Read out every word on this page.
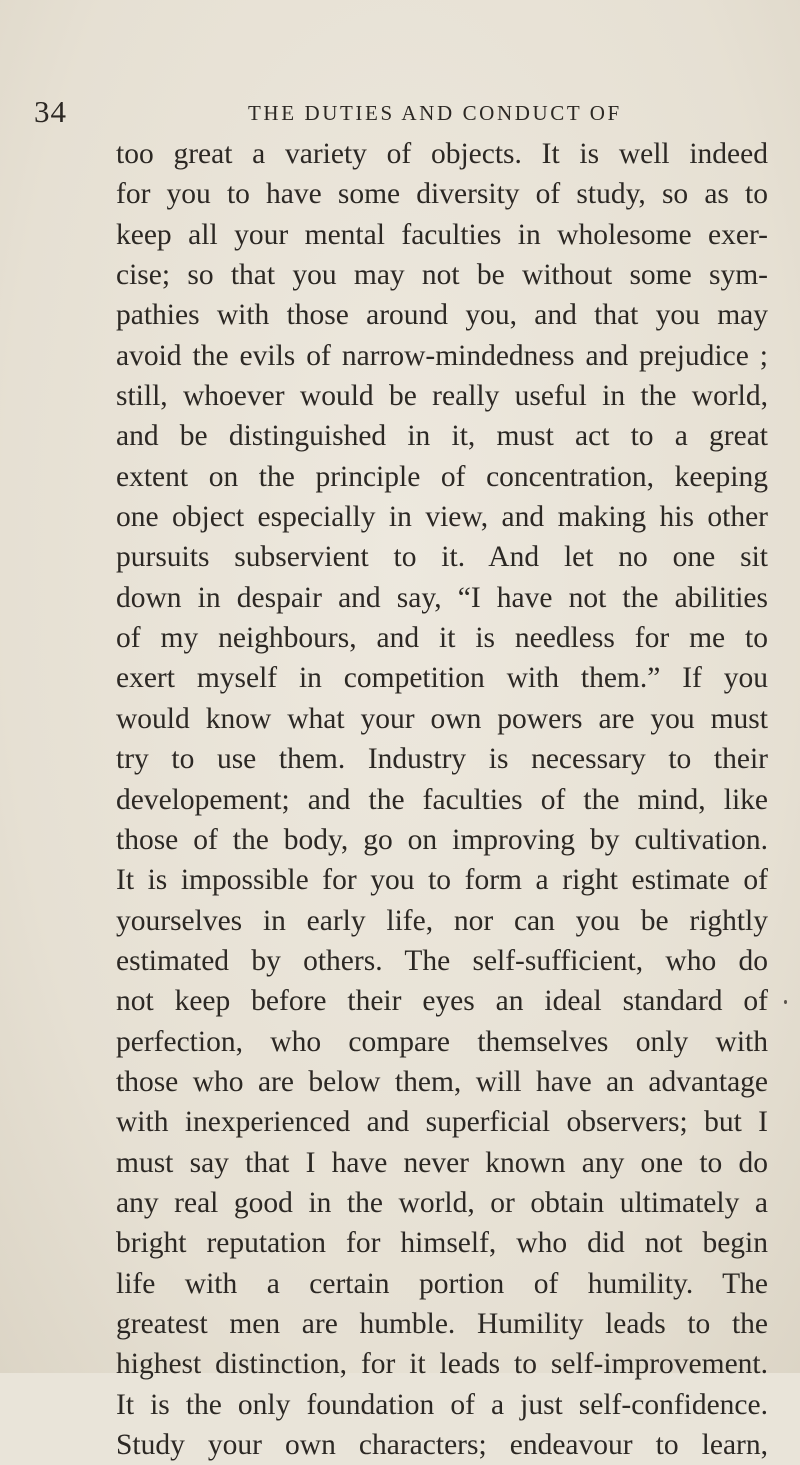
34	THE DUTIES AND CONDUCT OF
too great a variety of objects. It is well indeed
for you to have some diversity of study, so as to
keep all your mental faculties in wholesome exer-
cise; so that you may not be without some sym-
pathies with those around you, and that you may
avoid the evils of narrow-mindedness and prejudice ;
still, whoever would be really useful in the world,
and be distinguished in it, must act to a great
extent on the principle of concentration, keeping
one object especially in view, and making his other
pursuits subservient to it. And let no one sit
down in despair and say, “I have not the abilities
of my neighbours, and it is needless for me to
exert myself in competition with them.” If you
would know what your own powers are you must
try to use them. Industry is necessary to their
developement; and the faculties of the mind, like
those of the body, go on improving by cultivation.
It is impossible for you to form a right estimate of
yourselves in early life, nor can you be rightly
estimated by others. The self-sufficient, who do
not keep before their eyes an ideal standard of
perfection, who compare themselves only with
those who are below them, will have an advantage
with inexperienced and superficial observers; but I
must say that I have never known any one to do
any real good in the world, or obtain ultimately a
bright reputation for himself, who did not begin
life with a certain portion of humility. The
greatest men are humble. Humility leads to the
highest distinction, for it leads to self-improvement.
It is the only foundation of a just self-confidence.
Study your own characters; endeavour to learn,
